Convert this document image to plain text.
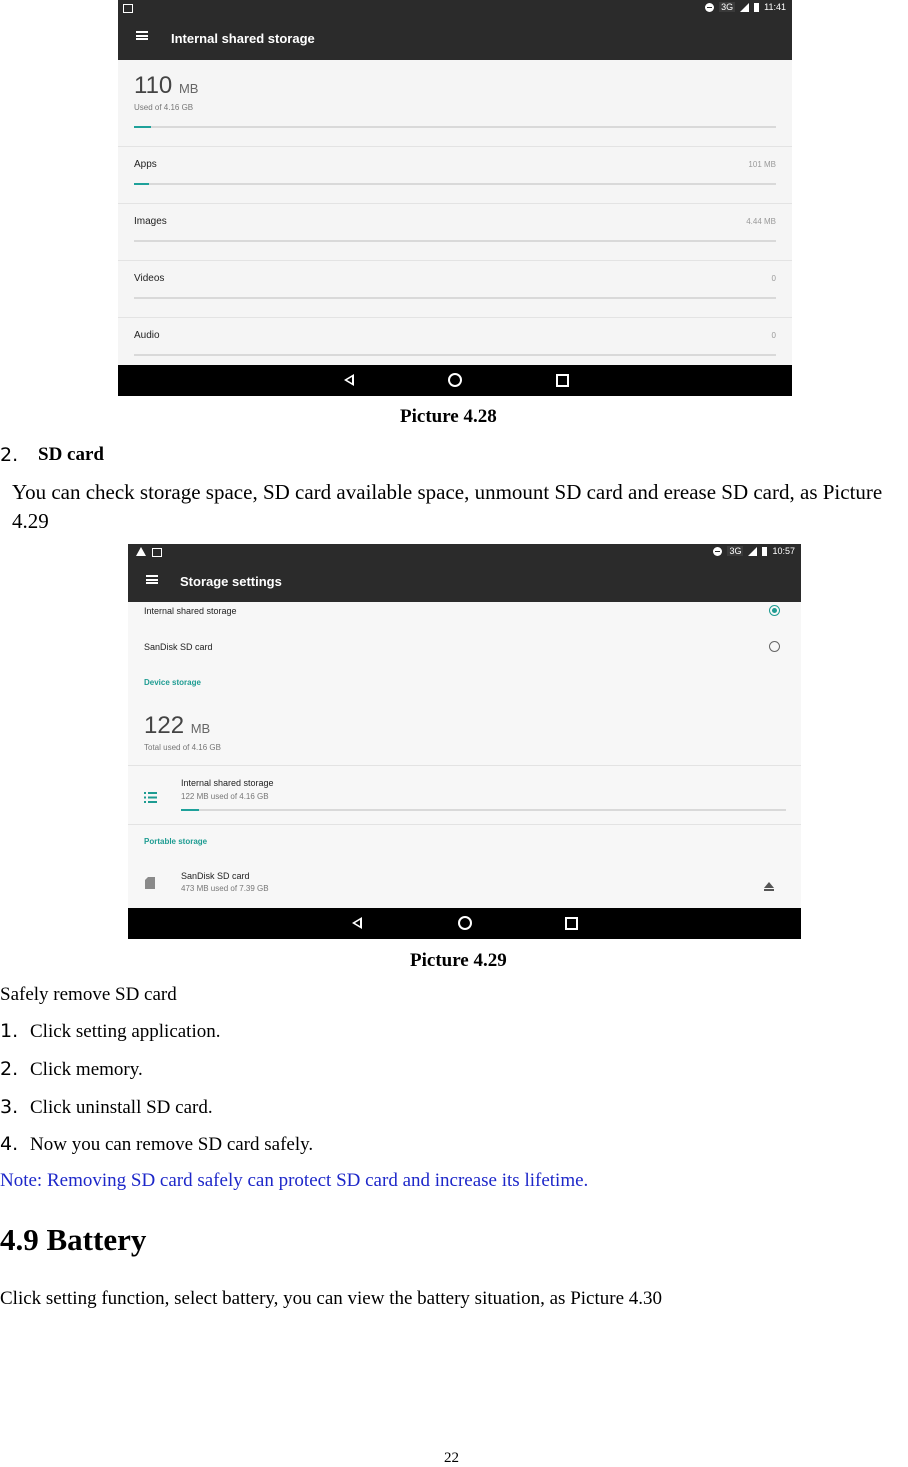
3G	11:41
Internal shared storage
110 MB
Used of 4.16 GB
Apps	101 MB
Images	4.44 MB
Videos	0
Audio	0
Picture 4.28
2. SD card
You can check storage space, SD card available space, unmount SD card and erease SD card, as Picture 4.29
3G	10:57
Storage settings
Internal shared storage
SanDisk SD card
Device storage
122 MB
Total used of 4.16 GB
Internal shared storage
122 MB used of 4.16 GB
Portable storage
SanDisk SD card
473 MB used of 7.39 GB
Picture 4.29
Safely remove SD card
1. Click setting application.
2. Click memory.
3. Click uninstall SD card.
4. Now you can remove SD card safely.
Note: Removing SD card safely can protect SD card and increase its lifetime.
4.9 Battery
Click setting function, select battery, you can view the battery situation, as Picture 4.30
22
